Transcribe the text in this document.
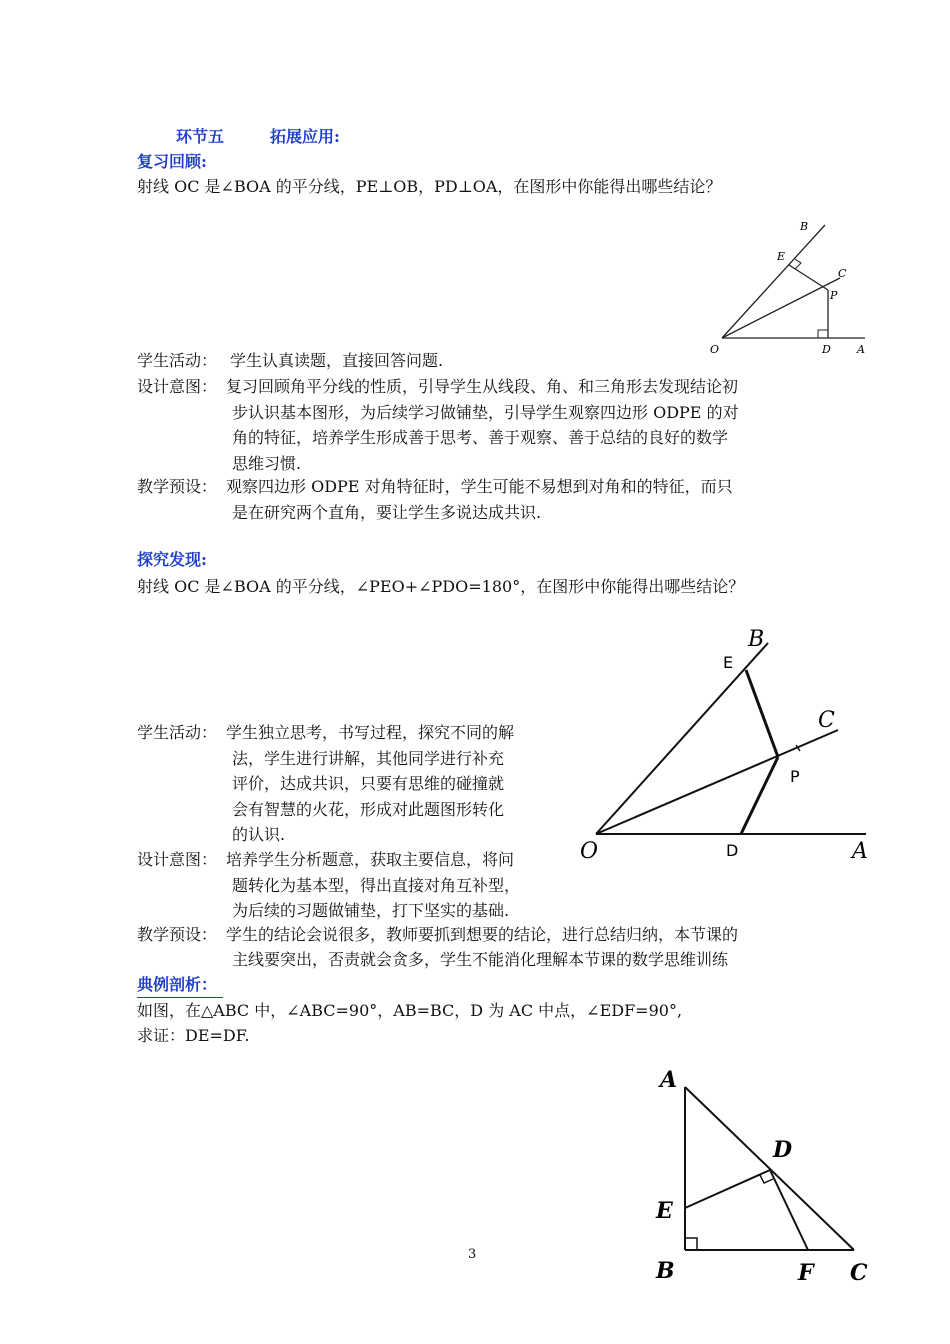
环节五	拓展应用:
复习回顾:
射线 OC 是∠BOA 的平分线，PE⊥OB，PD⊥OA，在图形中你能得出哪些结论？
B
E
C
P
O	D A
学生活动： 学生认真读题，直接回答问题.
设计意图： 复习回顾角平分线的性质，引导学生从线段、角、和三角形去发现结论初
步认识基本图形，为后续学习做铺垫，引导学生观察四边形 ODPE 的对
角的特征，培养学生形成善于思考、善于观察、善于总结的良好的数学
思维习惯.
教学预设： 观察四边形 ODPE 对角特征时，学生可能不易想到对角和的特征，而只
是在研究两个直角，要让学生多说达成共识.
探究发现:
射线 OC 是∠BOA 的平分线，∠PEO+∠PDO=180°，在图形中你能得出哪些结论？
B
E
C
P
O	D	A
学生活动： 学生独立思考，书写过程，探究不同的解
法，学生进行讲解，其他同学进行补充
评价，达成共识，只要有思维的碰撞就
会有智慧的火花，形成对此题图形转化
的认识.
设计意图： 培养学生分析题意，获取主要信息，将问
题转化为基本型，得出直接对角互补型，
为后续的习题做铺垫，打下坚实的基础.
教学预设： 学生的结论会说很多，教师要抓到想要的结论，进行总结归纳，本节课的
主线要突出，否责就会贪多，学生不能消化理解本节课的数学思维训练
典例剖析：
如图，在△ABC 中，∠ABC=90°，AB=BC，D 为 AC 中点，∠EDF=90°,
求证：DE=DF.
A
D
E
B	F C
3
